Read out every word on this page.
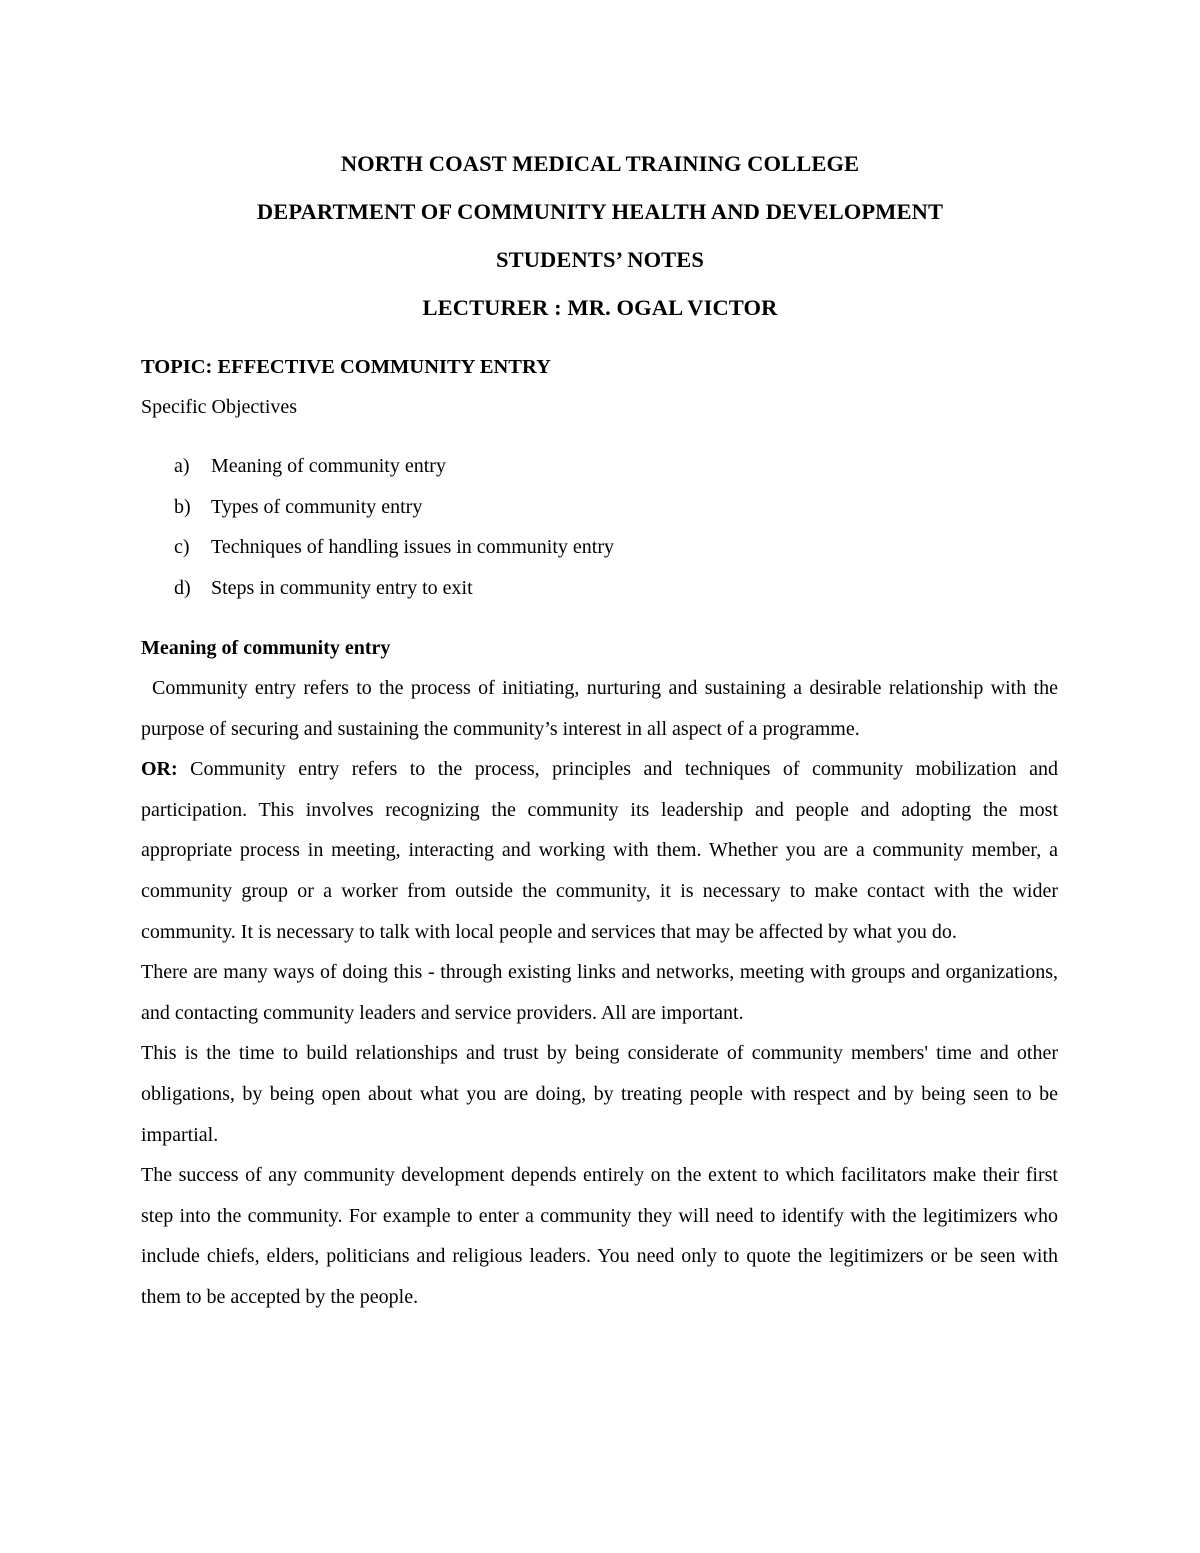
NORTH COAST MEDICAL TRAINING COLLEGE

DEPARTMENT OF COMMUNITY HEALTH AND DEVELOPMENT

STUDENTS’ NOTES

LECTURER : MR. OGAL VICTOR

TOPIC: EFFECTIVE COMMUNITY ENTRY

Specific Objectives

a) Meaning of community entry
b) Types of community entry
c) Techniques of handling issues in community entry
d) Steps in community entry to exit

Meaning of community entry

Community entry refers to the process of initiating, nurturing and sustaining a desirable relationship with the purpose of securing and sustaining the community’s interest in all aspect of a programme.

OR: Community entry refers to the process, principles and techniques of community mobilization and participation. This involves recognizing the community its leadership and people and adopting the most appropriate process in meeting, interacting and working with them. Whether you are a community member, a community group or a worker from outside the community, it is necessary to make contact with the wider community. It is necessary to talk with local people and services that may be affected by what you do.

There are many ways of doing this - through existing links and networks, meeting with groups and organizations, and contacting community leaders and service providers. All are important.

This is the time to build relationships and trust by being considerate of community members' time and other obligations, by being open about what you are doing, by treating people with respect and by being seen to be impartial.

The success of any community development depends entirely on the extent to which facilitators make their first step into the community. For example to enter a community they will need to identify with the legitimizers who include chiefs, elders, politicians and religious leaders. You need only to quote the legitimizers or be seen with them to be accepted by the people.
